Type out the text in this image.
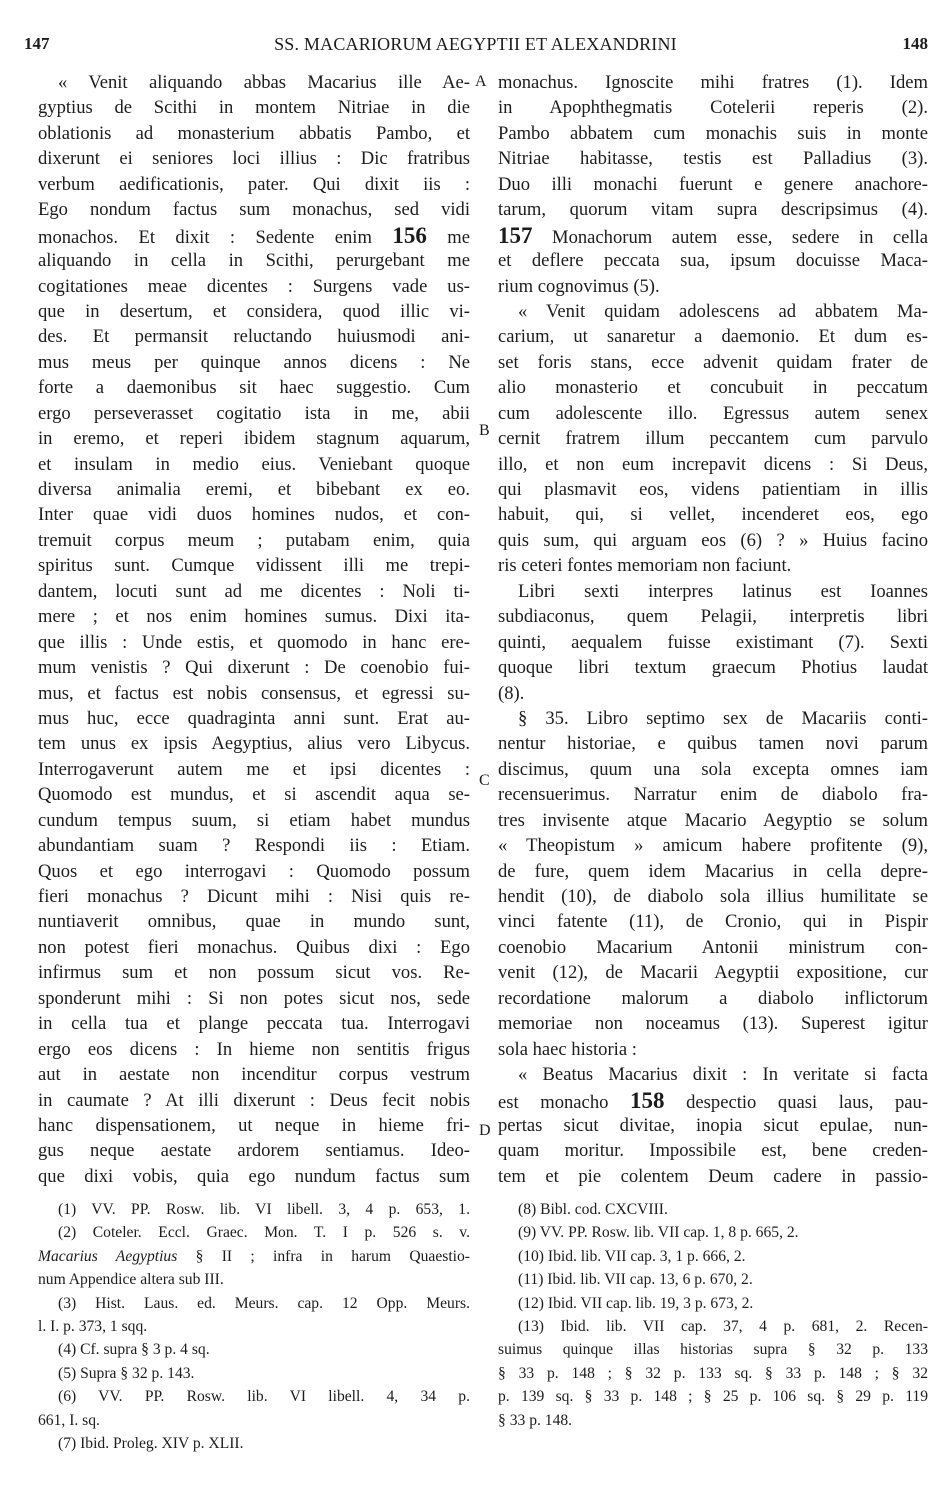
147	SS. MACARIORUM AEGYPTII ET ALEXANDRINI	148
« Venit aliquando abbas Macarius ille Ae-
gyptius de Scithi in montem Nitriae in die
oblationis ad monasterium abbatis Pambo, et
dixerunt ei seniores loci illius : Dic fratribus
verbum aedificationis, pater. Qui dixit iis :
Ego nondum factus sum monachus, sed vidi
monachos. Et dixit : Sedente enim 156 me
aliquando in cella in Scithi, perurgebant me
cogitationes meae dicentes : Surgens vade us-
que in desertum, et considera, quod illic vi-
des. Et permansit reluctando huiusmodi ani-
mus meus per quinque annos dicens : Ne
forte a daemonibus sit haec suggestio. Cum
ergo perseverasset cogitatio ista in me, abii
in eremo, et reperi ibidem stagnum aquarum,
et insulam in medio eius. Veniebant quoque
diversa animalia eremi, et bibebant ex eo.
Inter quae vidi duos homines nudos, et con-
tremuit corpus meum ; putabam enim, quia
spiritus sunt. Cumque vidissent illi me trepi-
dantem, locuti sunt ad me dicentes : Noli ti-
mere ; et nos enim homines sumus. Dixi ita-
que illis : Unde estis, et quomodo in hanc ere-
mum venistis ? Qui dixerunt : De coenobio fui-
mus, et factus est nobis consensus, et egressi su-
mus huc, ecce quadraginta anni sunt. Erat au-
tem unus ex ipsis Aegyptius, alius vero Libycus.
Interrogaverunt autem me et ipsi dicentes :
Quomodo est mundus, et si ascendit aqua se-
cundum tempus suum, si etiam habet mundus
abundantiam suam ? Respondi iis : Etiam.
Quos et ego interrogavi : Quomodo possum
fieri monachus ? Dicunt mihi : Nisi quis re-
nuntiaverit omnibus, quae in mundo sunt,
non potest fieri monachus. Quibus dixi : Ego
infirmus sum et non possum sicut vos. Re-
sponderunt mihi : Si non potes sicut nos, sede
in cella tua et plange peccata tua. Interrogavi
ergo eos dicens : In hieme non sentitis frigus
aut in aestate non incenditur corpus vestrum
in caumate ? At illi dixerunt : Deus fecit nobis
hanc dispensationem, ut neque in hieme fri-
gus neque aestate ardorem sentiamus. Ideo-
que dixi vobis, quia ego nundum factus sum
monachus. Ignoscite mihi fratres (1). Idem
in Apophthegmatis Cotelerii reperis (2).
Pambo abbatem cum monachis suis in monte
Nitriae habitasse, testis est Palladius (3).
Duo illi monachi fuerunt e genere anachore-
tarum, quorum vitam supra descripsimus (4).
157 Monachorum autem esse, sedere in cella
et deflere peccata sua, ipsum docuisse Maca-
rium cognovimus (5).
« Venit quidam adolescens ad abbatem Ma-
carium, ut sanaretur a daemonio. Et dum es-
set foris stans, ecce advenit quidam frater de
alio monasterio et concubuit in peccatum
cum adolescente illo. Egressus autem senex
cernit fratrem illum peccantem cum parvulo
illo, et non eum increpavit dicens : Si Deus,
qui plasmavit eos, videns patientiam in illis
habuit, qui, si vellet, incenderet eos, ego
quis sum, qui arguam eos (6) ? » Huius facino
ris ceteri fontes memoriam non faciunt.
Libri sexti interpres latinus est Ioannes
subdiaconus, quem Pelagii, interpretis libri
quinti, aequalem fuisse existimant (7). Sexti
quoque libri textum graecum Photius laudat
(8).
§ 35. Libro septimo sex de Macariis conti-
nentur historiae, e quibus tamen novi parum
discimus, quum una sola excepta omnes iam
recensuerimus. Narratur enim de diabolo fra-
tres invisente atque Macario Aegyptio se solum
« Theopistum » amicum habere profitente (9),
de fure, quem idem Macarius in cella depre-
hendit (10), de diabolo sola illius humilitate se
vinci fatente (11), de Cronio, qui in Pispir
coenobio Macarium Antonii ministrum con-
venit (12), de Macarii Aegyptii expositione, cur
recordatione malorum a diabolo inflictorum
memoriae non noceamus (13). Superest igitur
sola haec historia :
« Beatus Macarius dixit : In veritate si facta
est monacho 158 despectio quasi laus, pau-
pertas sicut divitae, inopia sicut epulae, nun-
quam moritur. Impossibile est, bene creden-
tem et pie colentem Deum cadere in passio-
A
B
C
D
(1) VV. PP. Rosw. lib. VI libell. 3, 4 p. 653, 1.
(2) Coteler. Eccl. Graec. Mon. T. I p. 526 s. v.
Macarius Aegyptius § II ; infra in harum Quaestio-
num Appendice altera sub III.
(3) Hist. Laus. ed. Meurs. cap. 12 Opp. Meurs.
l. I. p. 373, 1 sqq.
(4) Cf. supra § 3 p. 4 sq.
(5) Supra § 32 p. 143.
(6) VV. PP. Rosw. lib. VI libell. 4, 34 p.
661, I. sq.
(7) Ibid. Proleg. XIV p. XLII.
(8) Bibl. cod. CXCVIII.
(9) VV. PP. Rosw. lib. VII cap. 1, 8 p. 665, 2.
(10) Ibid. lib. VII cap. 3, 1 p. 666, 2.
(11) Ibid. lib. VII cap. 13, 6 p. 670, 2.
(12) Ibid. VII cap. lib. 19, 3 p. 673, 2.
(13) Ibid. lib. VII cap. 37, 4 p. 681, 2. Recen-
suimus quinque illas historias supra § 32 p. 133
§ 33 p. 148 ; § 32 p. 133 sq. § 33 p. 148 ; § 32
p. 139 sq. § 33 p. 148 ; § 25 p. 106 sq. § 29 p. 119
§ 33 p. 148.
